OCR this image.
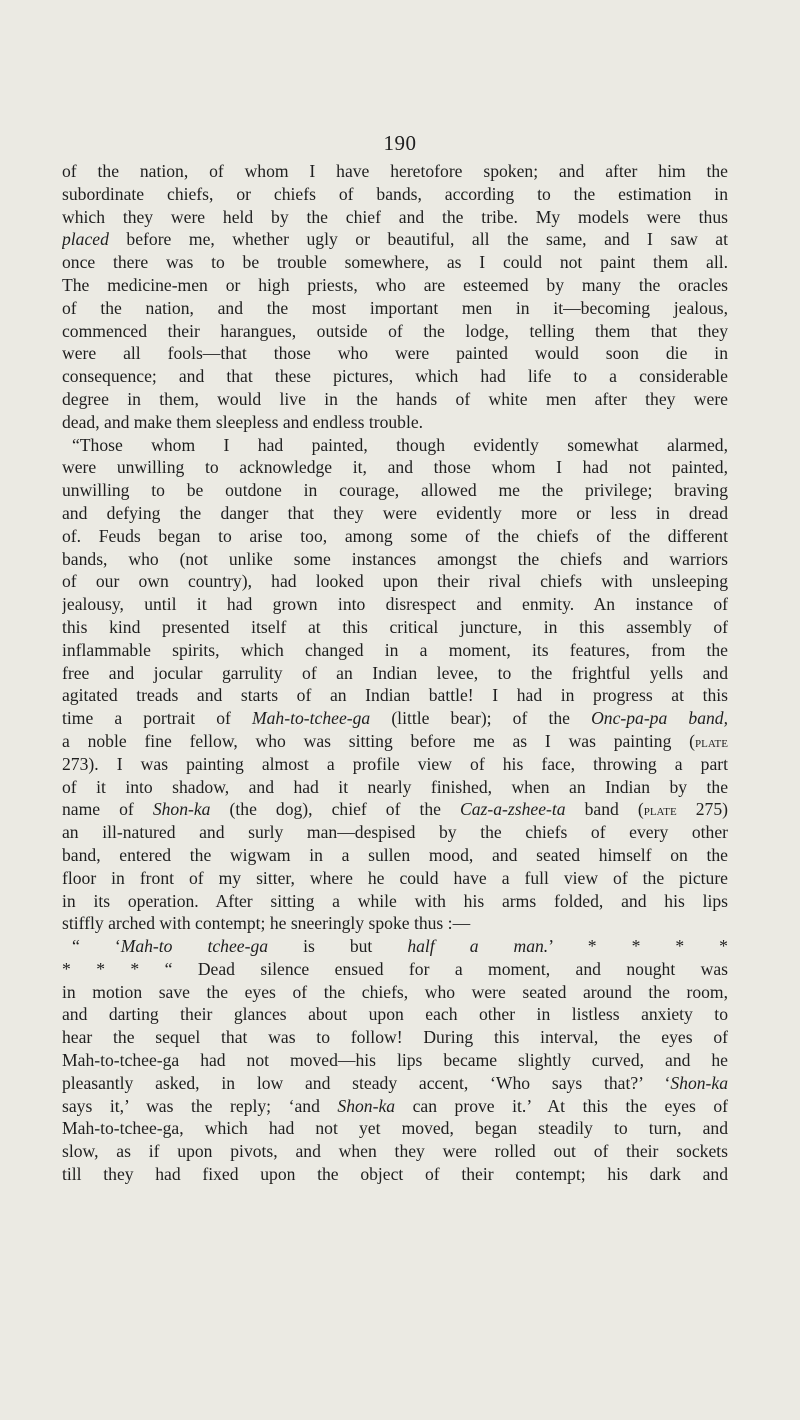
190
of the nation, of whom I have heretofore spoken; and after him the
subordinate chiefs, or chiefs of bands, according to the estimation in
which they were held by the chief and the tribe. My models were thus
placed before me, whether ugly or beautiful, all the same, and I saw at
once there was to be trouble somewhere, as I could not paint them all.
The medicine-men or high priests, who are esteemed by many the oracles
of the nation, and the most important men in it—becoming jealous,
commenced their harangues, outside of the lodge, telling them that they
were all fools—that those who were painted would soon die in
consequence; and that these pictures, which had life to a considerable
degree in them, would live in the hands of white men after they were
dead, and make them sleepless and endless trouble.
“Those whom I had painted, though evidently somewhat alarmed,
were unwilling to acknowledge it, and those whom I had not painted,
unwilling to be outdone in courage, allowed me the privilege; braving
and defying the danger that they were evidently more or less in dread
of. Feuds began to arise too, among some of the chiefs of the different
bands, who (not unlike some instances amongst the chiefs and warriors
of our own country), had looked upon their rival chiefs with unsleeping
jealousy, until it had grown into disrespect and enmity. An instance of
this kind presented itself at this critical juncture, in this assembly of
inflammable spirits, which changed in a moment, its features, from the
free and jocular garrulity of an Indian levee, to the frightful yells and
agitated treads and starts of an Indian battle! I had in progress at this
time a portrait of Mah-to-tchee-ga (little bear); of the Onc-pa-pa band,
a noble fine fellow, who was sitting before me as I was painting (plate
273). I was painting almost a profile view of his face, throwing a part
of it into shadow, and had it nearly finished, when an Indian by the
name of Shon-ka (the dog), chief of the Caz-a-zshee-ta band (plate 275)
an ill-natured and surly man—despised by the chiefs of every other
band, entered the wigwam in a sullen mood, and seated himself on the
floor in front of my sitter, where he could have a full view of the picture
in its operation. After sitting a while with his arms folded, and his lips
stiffly arched with contempt; he sneeringly spoke thus :—
“ ‘Mah-to tchee-ga is but half a man.’ * * * *
* * * “ Dead silence ensued for a moment, and nought was
in motion save the eyes of the chiefs, who were seated around the room,
and darting their glances about upon each other in listless anxiety to
hear the sequel that was to follow! During this interval, the eyes of
Mah-to-tchee-ga had not moved—his lips became slightly curved, and he
pleasantly asked, in low and steady accent, ‘Who says that?’ ‘Shon-ka
says it,’ was the reply; ‘and Shon-ka can prove it.’ At this the eyes of
Mah-to-tchee-ga, which had not yet moved, began steadily to turn, and
slow, as if upon pivots, and when they were rolled out of their sockets
till they had fixed upon the object of their contempt; his dark and
